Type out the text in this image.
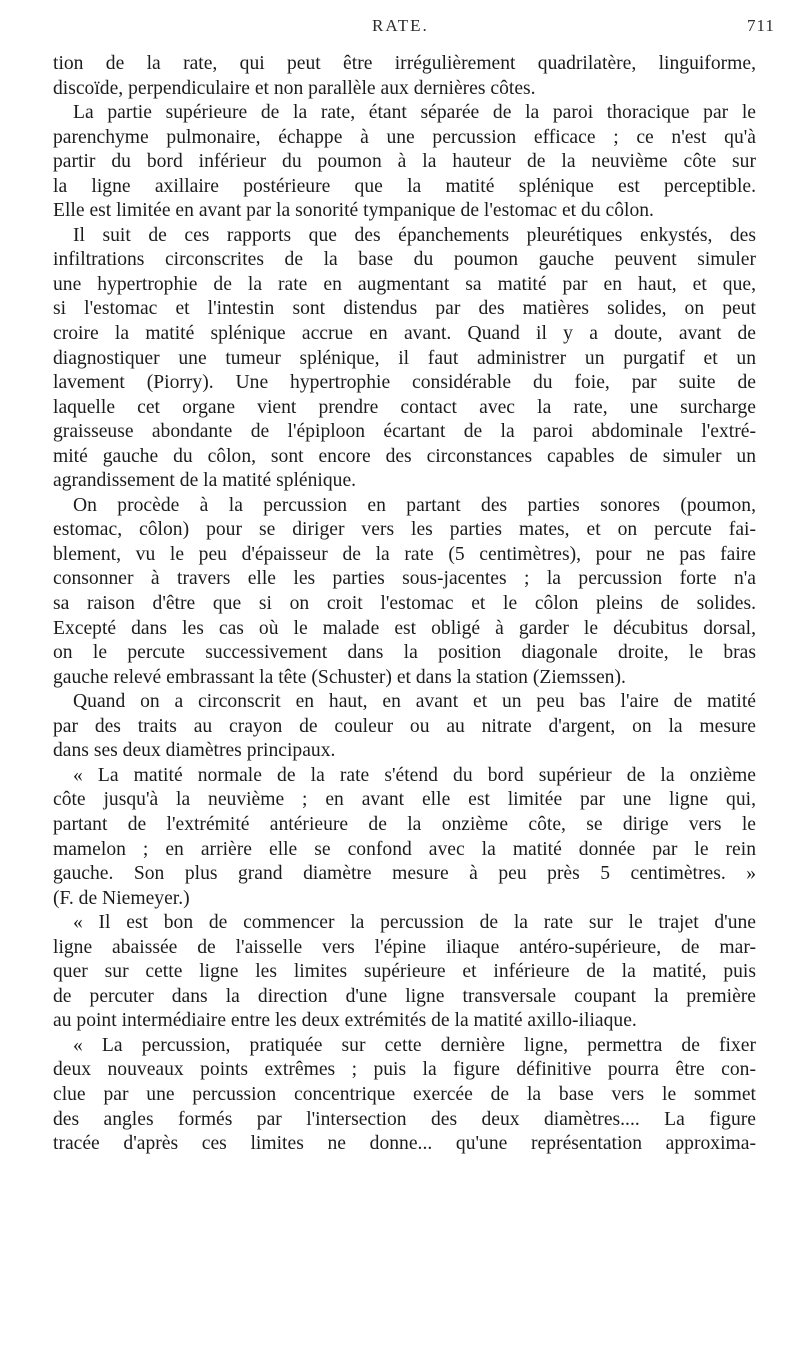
RATE.	711
tion de la rate, qui peut être irrégulièrement quadrilatère, linguiforme,
discoïde, perpendiculaire et non parallèle aux dernières côtes.
La partie supérieure de la rate, étant séparée de la paroi thoracique par le
parenchyme pulmonaire, échappe à une percussion efficace ; ce n'est qu'à
partir du bord inférieur du poumon à la hauteur de la neuvième côte sur
la ligne axillaire postérieure que la matité splénique est perceptible.
Elle est limitée en avant par la sonorité tympanique de l'estomac et du côlon.
Il suit de ces rapports que des épanchements pleurétiques enkystés, des
infiltrations circonscrites de la base du poumon gauche peuvent simuler
une hypertrophie de la rate en augmentant sa matité par en haut, et que,
si l'estomac et l'intestin sont distendus par des matières solides, on peut
croire la matité splénique accrue en avant. Quand il y a doute, avant de
diagnostiquer une tumeur splénique, il faut administrer un purgatif et un
lavement (Piorry). Une hypertrophie considérable du foie, par suite de
laquelle cet organe vient prendre contact avec la rate, une surcharge
graisseuse abondante de l'épiploon écartant de la paroi abdominale l'extré-
mité gauche du côlon, sont encore des circonstances capables de simuler un
agrandissement de la matité splénique.
On procède à la percussion en partant des parties sonores (poumon,
estomac, côlon) pour se diriger vers les parties mates, et on percute fai-
blement, vu le peu d'épaisseur de la rate (5 centimètres), pour ne pas faire
consonner à travers elle les parties sous-jacentes ; la percussion forte n'a
sa raison d'être que si on croit l'estomac et le côlon pleins de solides.
Excepté dans les cas où le malade est obligé à garder le décubitus dorsal,
on le percute successivement dans la position diagonale droite, le bras
gauche relevé embrassant la tête (Schuster) et dans la station (Ziemssen).
Quand on a circonscrit en haut, en avant et un peu bas l'aire de matité
par des traits au crayon de couleur ou au nitrate d'argent, on la mesure
dans ses deux diamètres principaux.
« La matité normale de la rate s'étend du bord supérieur de la onzième
côte jusqu'à la neuvième ; en avant elle est limitée par une ligne qui,
partant de l'extrémité antérieure de la onzième côte, se dirige vers le
mamelon ; en arrière elle se confond avec la matité donnée par le rein
gauche. Son plus grand diamètre mesure à peu près 5 centimètres. »
(F. de Niemeyer.)
« Il est bon de commencer la percussion de la rate sur le trajet d'une
ligne abaissée de l'aisselle vers l'épine iliaque antéro-supérieure, de mar-
quer sur cette ligne les limites supérieure et inférieure de la matité, puis
de percuter dans la direction d'une ligne transversale coupant la première
au point intermédiaire entre les deux extrémités de la matité axillo-iliaque.
« La percussion, pratiquée sur cette dernière ligne, permettra de fixer
deux nouveaux points extrêmes ; puis la figure définitive pourra être con-
clue par une percussion concentrique exercée de la base vers le sommet
des angles formés par l'intersection des deux diamètres.... La figure
tracée d'après ces limites ne donne... qu'une représentation approxima-
